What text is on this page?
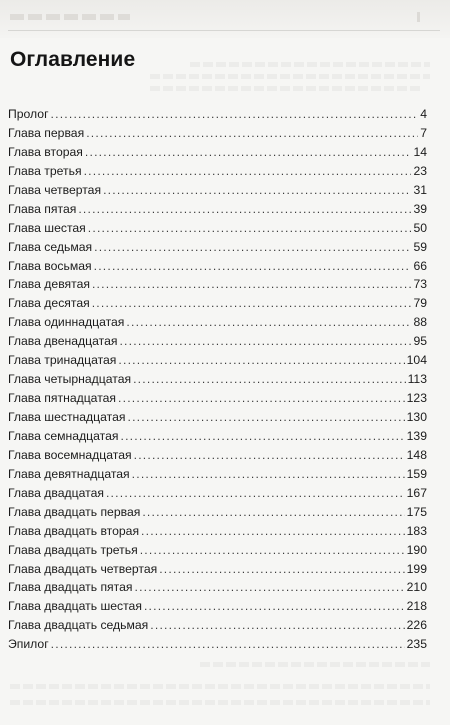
Оглавление
Пролог .....	4
Глава первая .....	7
Глава вторая .....	14
Глава третья .....	23
Глава четвертая .....	31
Глава пятая .....	39
Глава шестая .....	50
Глава седьмая .....	59
Глава восьмая .....	66
Глава девятая .....	73
Глава десятая .....	79
Глава одиннадцатая .....	88
Глава двенадцатая .....	95
Глава тринадцатая .....	104
Глава четырнадцатая .....	113
Глава пятнадцатая .....	123
Глава шестнадцатая .....	130
Глава семнадцатая .....	139
Глава восемнадцатая .....	148
Глава девятнадцатая .....	159
Глава двадцатая .....	167
Глава двадцать первая .....	175
Глава двадцать вторая .....	183
Глава двадцать третья .....	190
Глава двадцать четвертая .....	199
Глава двадцать пятая .....	210
Глава двадцать шестая .....	218
Глава двадцать седьмая .....	226
Эпилог .....	235
